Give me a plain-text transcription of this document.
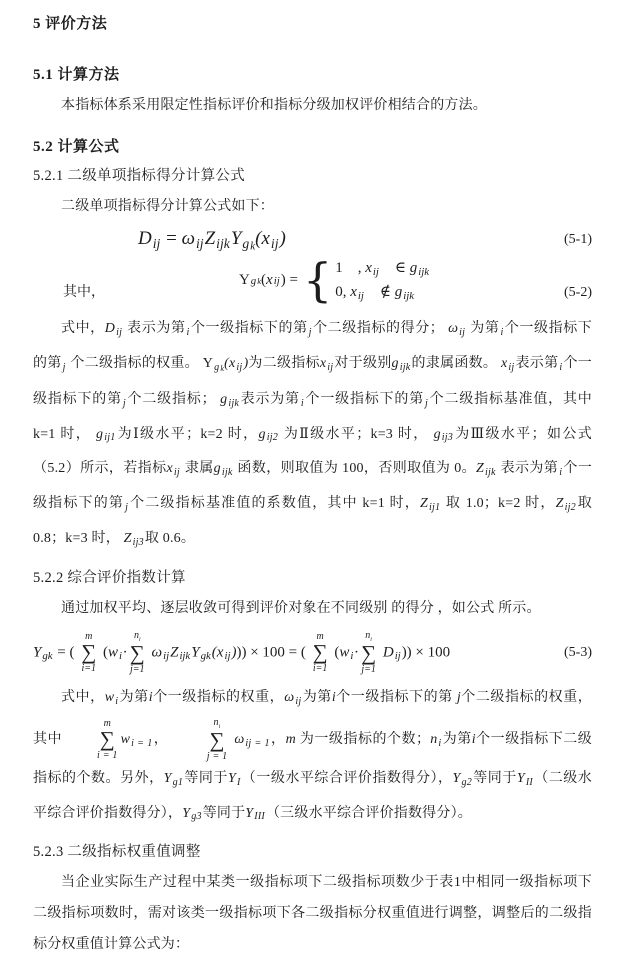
5 评价方法
5.1 计算方法

本指标体系采用限定性指标评价和指标分级加权评价相结合的方法。

5.2 计算公式
5.2.1 二级单项指标得分计算公式

二级单项指标得分计算公式如下：

$D_{ij} = \omega_{ij}Z_{ijk}Y_{gk}(x_{ij})$	(5-1)
其中，
Y g k ( x ij ) = { 1　, $x_{ij}$　∈ $g_{ijk}$
0, $x_{ij}$　∉ $g_{ijk}$	(5-2)

式中，$D_{ij}$ 表示为第$_i$个一级指标下的第$_j$个二级指标的得分； $\omega_{ij}$ 为第$_i$个一级指标下的第$_j$ 个二级指标的权重。 $Y_{gk}(x_{ij})$为二级指标$x_{ij}$对于级别$g_{ijk}$的隶属函数。 $x_{ij}$表示第$_i$个一级指标下的第$_j$个二级指标； $g_{ijk}$表示为第$_i$个一级指标下的第$_j$个二级指标基准值，其中 k=1 时， $g_{ij1}$为Ⅰ级水平；k=2 时，$g_{ij2}$ 为Ⅱ级水平；k=3 时， $g_{ij3}$为Ⅲ级水平；如公式（5.2）所示，若指标$x_{ij}$ 隶属$g_{ijk}$ 函数，则取值为 100，否则取值为 0。$Z_{ijk}$ 表示为第$_i$个一级指标下的第$_j$个二级指标基准值的系数值，其中 k=1 时，$Z_{ij1}$ 取 1.0；k=2 时，$Z_{ij2}$取 0.8；k=3 时， $Z_{ij3}$取 0.6。

5.2.2 综合评价指数计算

通过加权平均、逐层收敛可得到评价对象在不同级别 的得分 ，如公式 所示。

$Y_{gk}$ = (
m
∑
i=1
($w_i\cdot$
$n_i$
∑
j=1
$\omega_{ij}Z_{ijk}Y_{gk}(x_{ij}))) \times 100$ = (
m
∑
i=1
($w_i\cdot$
$n_i$
∑
j=1
$D_{ij})) \times 100$	(5-3)

式中，$w_i$为第i个一级指标的权重，$\omega_{ij}$为第i个一级指标下的第 j个二级指标的权重，其中
m
∑
i = 1
$w_{i = 1}$，　
$n_i$
∑
j = 1
$\omega_{ij = 1}$，m 为一级指标的个数；$n_i$为第i个一级指标下二级指标的个数。另外，$Y_{g1}$等同于$Y_I$（一级水平综合评价指数得分），$Y_{g2}$等同于$Y_{II}$（二级水平综合评价指数得分），$Y_{g3}$等同于$Y_{III}$（三级水平综合评价指数得分）。

5.2.3 二级指标权重值调整

当企业实际生产过程中某类一级指标项下二级指标项数少于表1中相同一级指标项下二级指标项数时，需对该类一级指标项下各二级指标分权重值进行调整，调整后的二级指标分权重值计算公式为：
